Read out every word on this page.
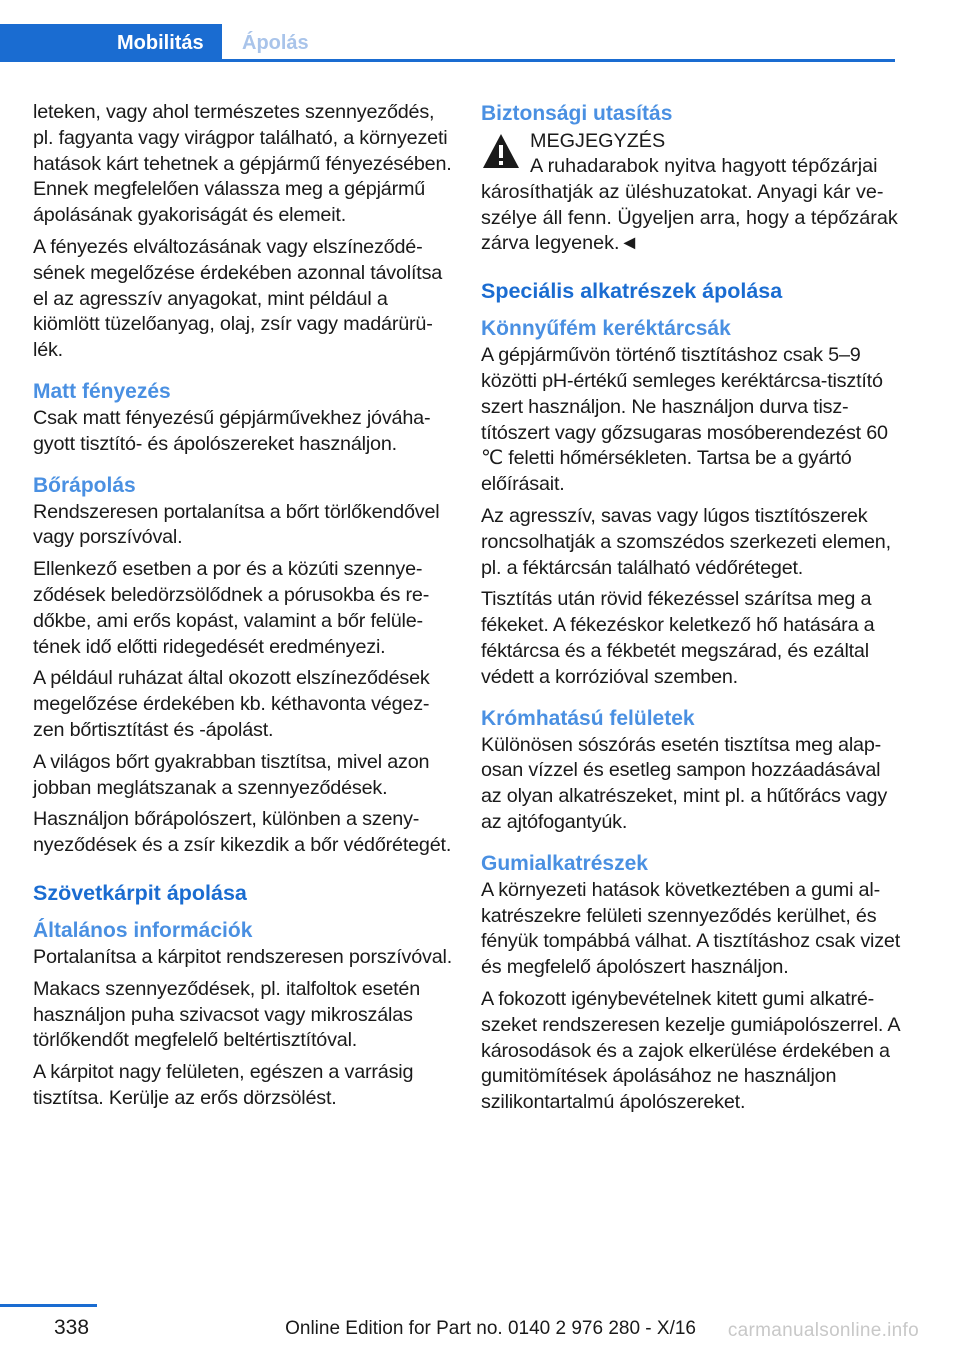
Mobilitás	Ápolás

leteken, vagy ahol természetes szennyeződés, pl. fagyanta vagy virágpor található, a környezeti hatások kárt tehetnek a gépjármű fényezésében. Ennek megfelelően válassza meg a gépjármű ápolásának gyakoriságát és elemeit.

A fényezés elváltozásának vagy elszíneződésének megelőzése érdekében azonnal távolítsa el az agresszív anyagokat, mint például a kiömlött tüzelőanyag, olaj, zsír vagy madárürülék.

Matt fényezés

Csak matt fényezésű gépjárművekhez jóváhagyott tisztító- és ápolószereket használjon.

Bőrápolás

Rendszeresen portalanítsa a bőrt törlőkendővel vagy porszívóval.

Ellenkező esetben a por és a közúti szennyeződések beledörzsölődnek a pórusokba és redőkbe, ami erős kopást, valamint a bőr felületének idő előtti ridegedését eredményezi.

A például ruházat által okozott elszíneződések megelőzése érdekében kb. kéthavonta végezzen bőrtisztítást és -ápolást.

A világos bőrt gyakrabban tisztítsa, mivel azon jobban meglátszanak a szennyeződések.

Használjon bőrápolószert, különben a szenynyeződések és a zsír kikezdik a bőr védőrétegét.

Szövetkárpit ápolása
Általános információk

Portalanítsa a kárpitot rendszeresen porszívóval.

Makacs szennyeződések, pl. italfoltok esetén használjon puha szivacsot vagy mikroszálas törlőkendőt megfelelő beltértisztítóval.

A kárpitot nagy felületen, egészen a varrásig tisztítsa. Kerülje az erős dörzsölést.

Biztonsági utasítás
MEGJEGYZÉS
A ruhadarabok nyitva hagyott tépőzárjai
károsíthatják az üléshuzatokat. Anyagi kár veszélye áll fenn. Ügyeljen arra, hogy a tépőzárak zárva legyenek.◄
Speciális alkatrészek ápolása
Könnyűfém keréktárcsák

A gépjárművön történő tisztításhoz csak 5–9 közötti pH-értékű semleges keréktárcsa-tisztító szert használjon. Ne használjon durva tisztítószert vagy gőzsugaras mosóberendezést 60 ℃ feletti hőmérsékleten. Tartsa be a gyártó előírásait.

Az agresszív, savas vagy lúgos tisztítószerek roncsolhatják a szomszédos szerkezeti elemen, pl. a féktárcsán található védőréteget.

Tisztítás után rövid fékezéssel szárítsa meg a fékeket. A fékezéskor keletkező hő hatására a féktárcsa és a fékbetét megszárad, és ezáltal védett a korrózióval szemben.

Krómhatású felületek

Különösen sószórás esetén tisztítsa meg alaposan vízzel és esetleg sampon hozzáadásával az olyan alkatrészeket, mint pl. a hűtőrács vagy az ajtófogantyúk.

Gumialkatrészek

A környezeti hatások következtében a gumi alkatrészekre felületi szennyeződés kerülhet, és fényük tompábbá válhat. A tisztításhoz csak vizet és megfelelő ápolószert használjon.

A fokozott igénybevételnek kitett gumi alkatrészeket rendszeresen kezelje gumiápolószerrel. A károsodások és a zajok elkerülése érdekében a gumitömítések ápolásához ne használjon szilikontartalmú ápolószereket.

338	Online Edition for Part no. 0140 2 976 280 - X/16 carmanualsonline.info
